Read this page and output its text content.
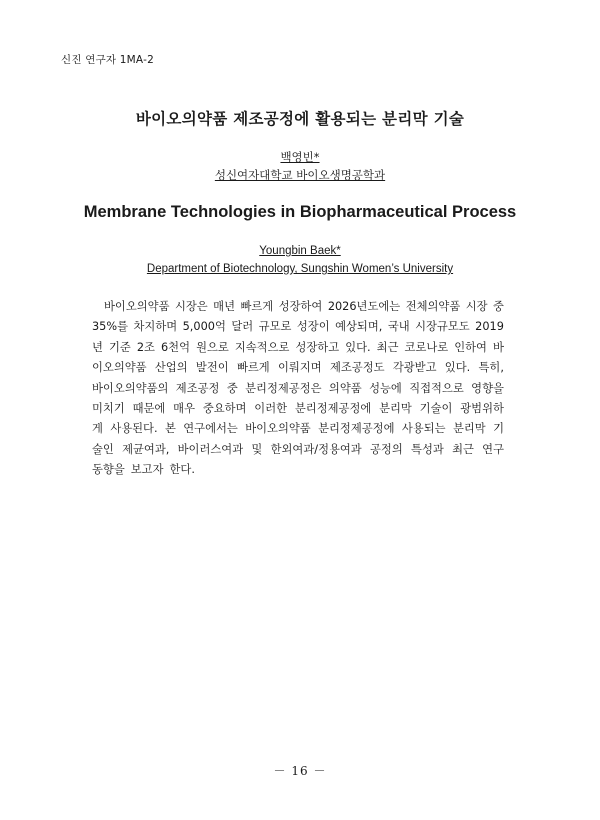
신진 연구자 1MA-2
바이오의약품 제조공정에 활용되는 분리막 기술
백영빈*
성신여자대학교 바이오생명공학과
Membrane Technologies in Biopharmaceutical Process
Youngbin Baek*
Department of Biotechnology, Sungshin Women’s University
바이오의약품 시장은 매년 빠르게 성장하여 2026년도에는 전체의약품 시장 중
35%를 차지하며 5,000억 달러 규모로 성장이 예상되며, 국내 시장규모도 2019
년 기준 2조 6천억 원으로 지속적으로 성장하고 있다. 최근 코로나로 인하여 바
이오의약품 산업의 발전이 빠르게 이뤄지며 제조공정도 각광받고 있다. 특히,
바이오의약품의 제조공정 중 분리정제공정은 의약품 성능에 직접적으로 영향을
미치기 때문에 매우 중요하며 이러한 분리정제공정에 분리막 기술이 광범위하
게 사용된다. 본 연구에서는 바이오의약품 분리정제공정에 사용되는 분리막 기
술인 제균여과, 바이러스여과 및 한외여과/정용여과 공정의 특성과 최근 연구
동향을 보고자 한다.
－ 16 －
